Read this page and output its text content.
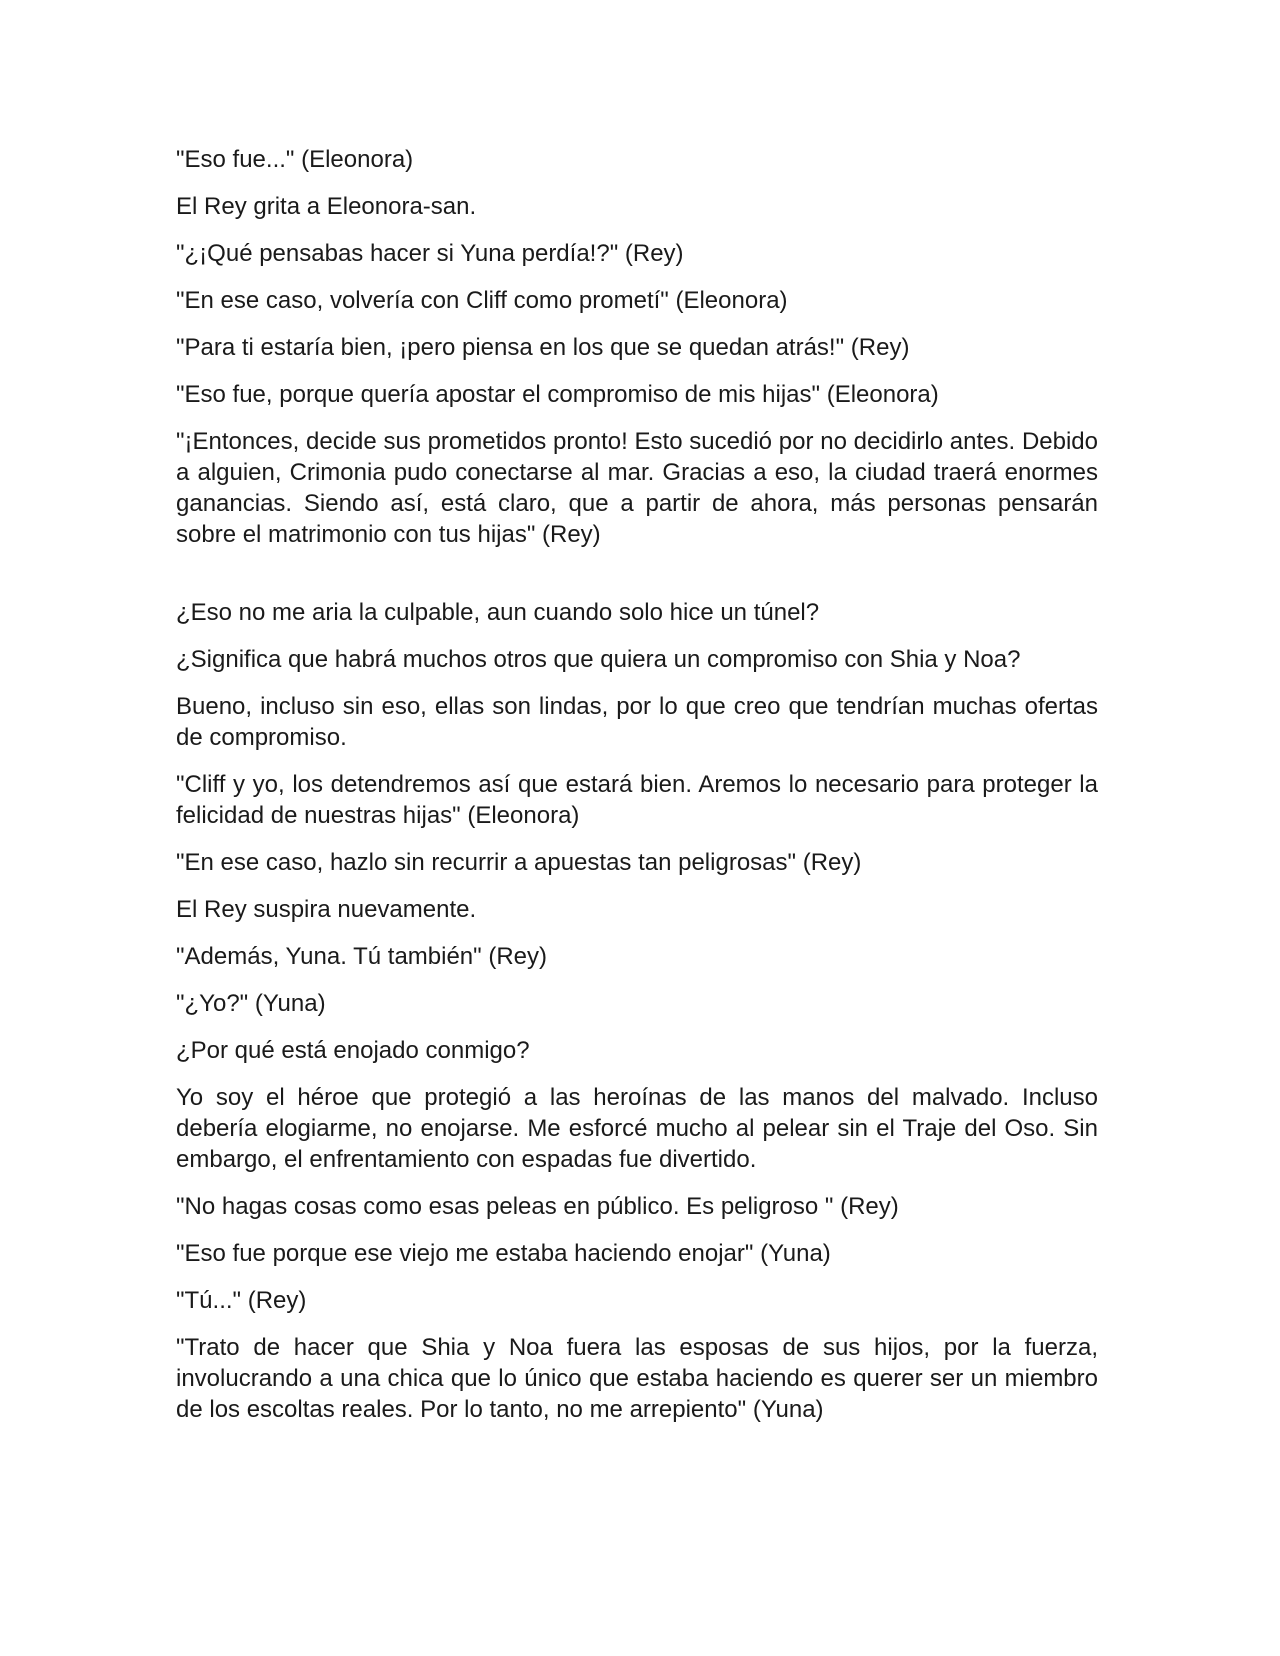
"Eso fue..." (Eleonora)

El Rey grita a Eleonora-san.

"¿¡Qué pensabas hacer si Yuna perdía!?" (Rey)

"En ese caso, volvería con Cliff como prometí" (Eleonora)

"Para ti estaría bien, ¡pero piensa en los que se quedan atrás!" (Rey)

"Eso fue, porque quería apostar el compromiso de mis hijas" (Eleonora)

"¡Entonces, decide sus prometidos pronto! Esto sucedió por no decidirlo antes. Debido a alguien, Crimonia pudo conectarse al mar. Gracias a eso, la ciudad traerá enormes ganancias. Siendo así, está claro, que a partir de ahora, más personas pensarán sobre el matrimonio con tus hijas" (Rey)

¿Eso no me aria la culpable, aun cuando solo hice un túnel?

¿Significa que habrá muchos otros que quiera un compromiso con Shia y Noa?

Bueno, incluso sin eso, ellas son lindas, por lo que creo que tendrían muchas ofertas de compromiso.

"Cliff y yo, los detendremos así que estará bien. Aremos lo necesario para proteger la felicidad de nuestras hijas" (Eleonora)

"En ese caso, hazlo sin recurrir a apuestas tan peligrosas" (Rey)

El Rey suspira nuevamente.

"Además, Yuna. Tú también" (Rey)

"¿Yo?" (Yuna)

¿Por qué está enojado conmigo?

Yo soy el héroe que protegió a las heroínas de las manos del malvado. Incluso debería elogiarme, no enojarse. Me esforcé mucho al pelear sin el Traje del Oso. Sin embargo, el enfrentamiento con espadas fue divertido.

"No hagas cosas como esas peleas en público. Es peligroso " (Rey)

"Eso fue porque ese viejo me estaba haciendo enojar" (Yuna)

"Tú..." (Rey)

"Trato de hacer que Shia y Noa fuera las esposas de sus hijos, por la fuerza, involucrando a una chica que lo único que estaba haciendo es querer ser un miembro de los escoltas reales. Por lo tanto, no me arrepiento" (Yuna)
